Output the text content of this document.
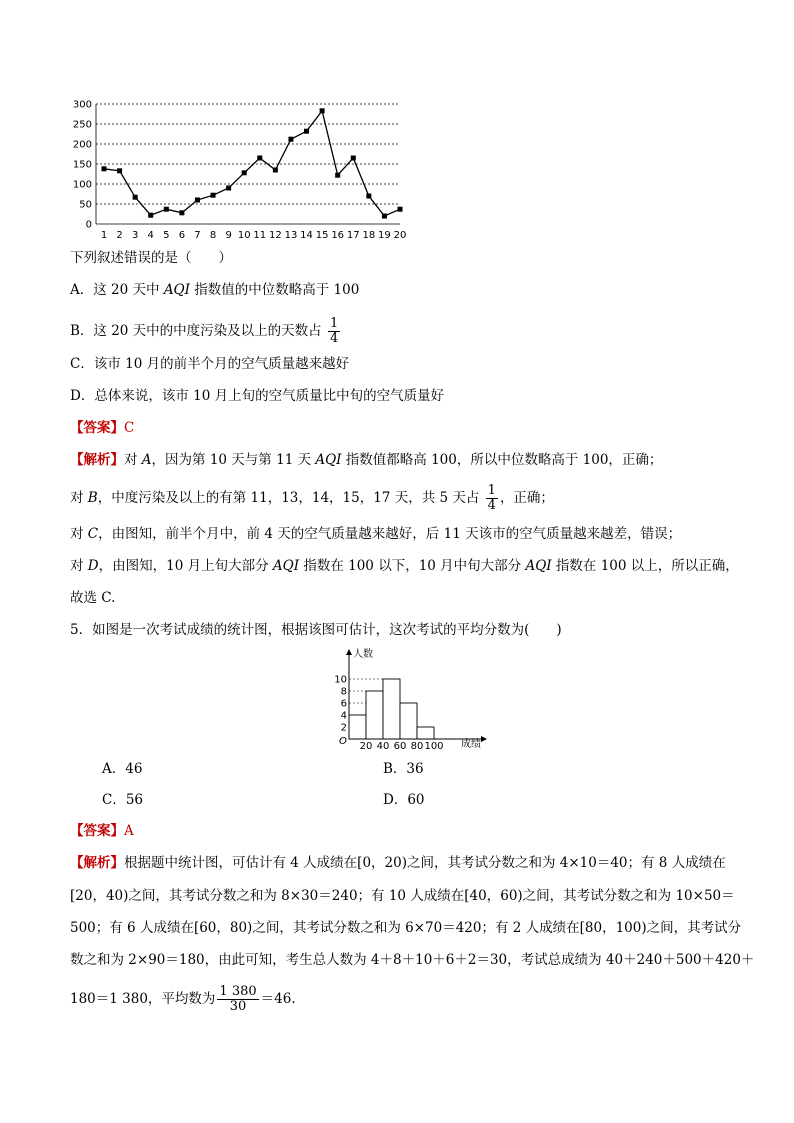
0
50
100
150
200
250
300
1 2 3 4 5 6 7 8 9 10 11 12 13 14 15 16 17 18 19 20
下列叙述错误的是（　　）
A．这 20 天中 AQI 指数值的中位数略高于 100
B．这 20 天中的中度污染及以上的天数占 $\frac{1}{4}$
C．该市 10 月的前半个月的空气质量越来越好
D．总体来说，该市 10 月上旬的空气质量比中旬的空气质量好
【答案】C
【解析】对 A，因为第 10 天与第 11 天 AQI 指数值都略高 100，所以中位数略高于 100，正确；
对 B，中度污染及以上的有第 11，13，14，15，17 天，共 5 天占 $\frac{1}{4}$ ，正确；
对 C，由图知，前半个月中，前 4 天的空气质量越来越好，后 11 天该市的空气质量越来越差，错误；
对 D，由图知，10 月上旬大部分 AQI 指数在 100 以下，10 月中旬大部分 AQI 指数在 100 以上，所以正确，
故选 C.
5．如图是一次考试成绩的统计图，根据该图可估计，这次考试的平均分数为(　　)
人数
成绩
O
2
4
6
8
10
20 40 60 80 100
A．46	B．36
C．56	D．60
【答案】A
【解析】根据题中统计图，可估计有 4 人成绩在[0，20)之间，其考试分数之和为 4×10＝40；有 8 人成绩在
[20，40)之间，其考试分数之和为 8×30＝240；有 10 人成绩在[40，60)之间，其考试分数之和为 10×50＝
500；有 6 人成绩在[60，80)之间，其考试分数之和为 6×70＝420；有 2 人成绩在[80，100)之间，其考试分
数之和为 2×90＝180，由此可知，考生总人数为 4＋8＋10＋6＋2＝30，考试总成绩为 40＋240＋500＋420＋
180＝1 380，平均数为 $\frac{1 380}{30} =46$.
